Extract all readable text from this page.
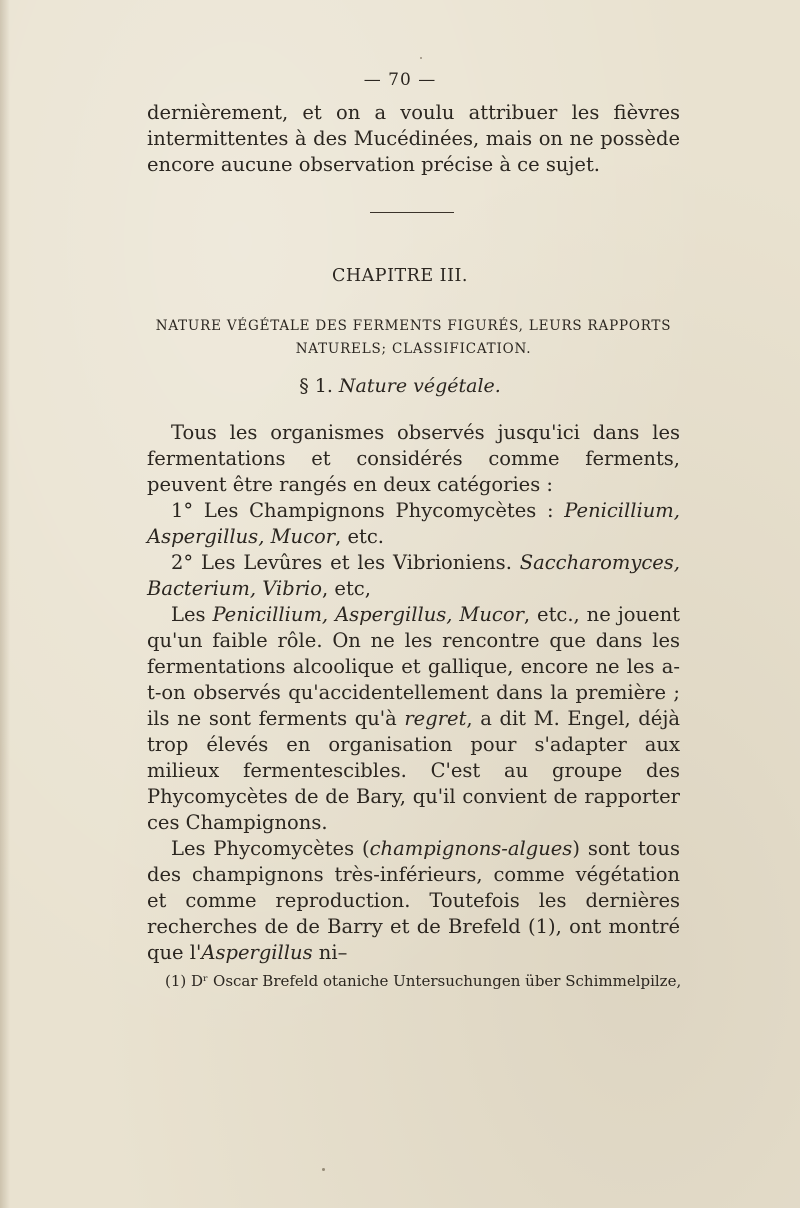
— 70 —

dernièrement, et on a voulu attribuer les fièvres intermittentes à des Mucédinées, mais on ne possède encore aucune observation précise à ce sujet.

CHAPITRE III.
NATURE VÉGÉTALE DES FERMENTS FIGURÉS, LEURS RAPPORTS NATURELS; CLASSIFICATION.
§ 1. Nature végétale.

Tous les organismes observés jusqu'ici dans les fermentations et considérés comme ferments, peuvent être rangés en deux catégories :

1° Les Champignons Phycomycètes : Penicillium, Aspergillus, Mucor, etc.

2° Les Levûres et les Vibrioniens. Saccharomyces, Bacterium, Vibrio, etc,

Les Penicillium, Aspergillus, Mucor, etc., ne jouent qu'un faible rôle. On ne les rencontre que dans les fermentations alcoolique et gallique, encore ne les a-t-on observés qu'accidentellement dans la première ; ils ne sont ferments qu'à regret, a dit M. Engel, déjà trop élevés en organisation pour s'adapter aux milieux fermentescibles. C'est au groupe des Phycomycètes de de Bary, qu'il convient de rapporter ces Champignons.

Les Phycomycètes (champignons-algues) sont tous des champignons très-inférieurs, comme végétation et comme reproduction. Toutefois les dernières recherches de de Barry et de Brefeld (1), ont montré que l'Aspergillus ni–

(1) Dʳ Oscar Brefeld otaniche Untersuchungen über Schimmelpilze,
